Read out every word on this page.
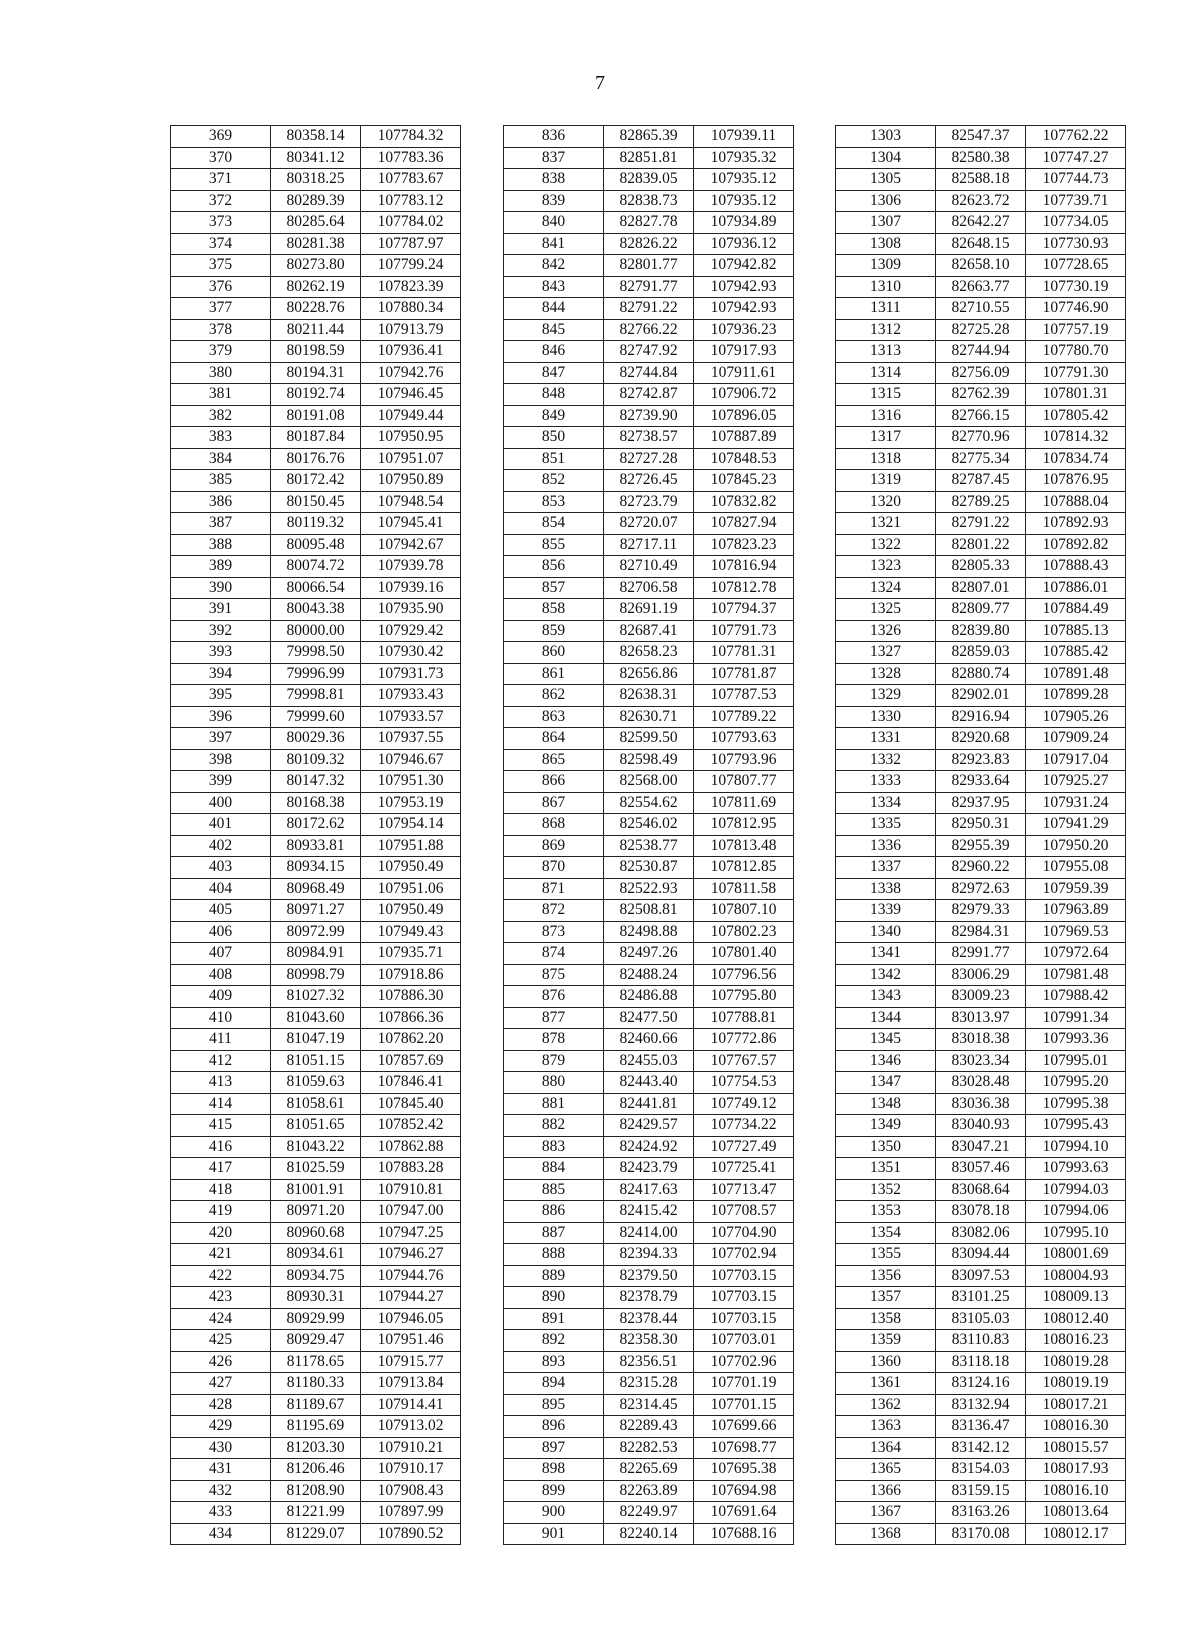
7
369	80358.14	107784.32
370	80341.12	107783.36
371	80318.25	107783.67
372	80289.39	107783.12
373	80285.64	107784.02
374	80281.38	107787.97
375	80273.80	107799.24
376	80262.19	107823.39
377	80228.76	107880.34
378	80211.44	107913.79
379	80198.59	107936.41
380	80194.31	107942.76
381	80192.74	107946.45
382	80191.08	107949.44
383	80187.84	107950.95
384	80176.76	107951.07
385	80172.42	107950.89
386	80150.45	107948.54
387	80119.32	107945.41
388	80095.48	107942.67
389	80074.72	107939.78
390	80066.54	107939.16
391	80043.38	107935.90
392	80000.00	107929.42
393	79998.50	107930.42
394	79996.99	107931.73
395	79998.81	107933.43
396	79999.60	107933.57
397	80029.36	107937.55
398	80109.32	107946.67
399	80147.32	107951.30
400	80168.38	107953.19
401	80172.62	107954.14
402	80933.81	107951.88
403	80934.15	107950.49
404	80968.49	107951.06
405	80971.27	107950.49
406	80972.99	107949.43
407	80984.91	107935.71
408	80998.79	107918.86
409	81027.32	107886.30
410	81043.60	107866.36
411	81047.19	107862.20
412	81051.15	107857.69
413	81059.63	107846.41
414	81058.61	107845.40
415	81051.65	107852.42
416	81043.22	107862.88
417	81025.59	107883.28
418	81001.91	107910.81
419	80971.20	107947.00
420	80960.68	107947.25
421	80934.61	107946.27
422	80934.75	107944.76
423	80930.31	107944.27
424	80929.99	107946.05
425	80929.47	107951.46
426	81178.65	107915.77
427	81180.33	107913.84
428	81189.67	107914.41
429	81195.69	107913.02
430	81203.30	107910.21
431	81206.46	107910.17
432	81208.90	107908.43
433	81221.99	107897.99
434	81229.07	107890.52
836	82865.39	107939.11
837	82851.81	107935.32
838	82839.05	107935.12
839	82838.73	107935.12
840	82827.78	107934.89
841	82826.22	107936.12
842	82801.77	107942.82
843	82791.77	107942.93
844	82791.22	107942.93
845	82766.22	107936.23
846	82747.92	107917.93
847	82744.84	107911.61
848	82742.87	107906.72
849	82739.90	107896.05
850	82738.57	107887.89
851	82727.28	107848.53
852	82726.45	107845.23
853	82723.79	107832.82
854	82720.07	107827.94
855	82717.11	107823.23
856	82710.49	107816.94
857	82706.58	107812.78
858	82691.19	107794.37
859	82687.41	107791.73
860	82658.23	107781.31
861	82656.86	107781.87
862	82638.31	107787.53
863	82630.71	107789.22
864	82599.50	107793.63
865	82598.49	107793.96
866	82568.00	107807.77
867	82554.62	107811.69
868	82546.02	107812.95
869	82538.77	107813.48
870	82530.87	107812.85
871	82522.93	107811.58
872	82508.81	107807.10
873	82498.88	107802.23
874	82497.26	107801.40
875	82488.24	107796.56
876	82486.88	107795.80
877	82477.50	107788.81
878	82460.66	107772.86
879	82455.03	107767.57
880	82443.40	107754.53
881	82441.81	107749.12
882	82429.57	107734.22
883	82424.92	107727.49
884	82423.79	107725.41
885	82417.63	107713.47
886	82415.42	107708.57
887	82414.00	107704.90
888	82394.33	107702.94
889	82379.50	107703.15
890	82378.79	107703.15
891	82378.44	107703.15
892	82358.30	107703.01
893	82356.51	107702.96
894	82315.28	107701.19
895	82314.45	107701.15
896	82289.43	107699.66
897	82282.53	107698.77
898	82265.69	107695.38
899	82263.89	107694.98
900	82249.97	107691.64
901	82240.14	107688.16
1303	82547.37	107762.22
1304	82580.38	107747.27
1305	82588.18	107744.73
1306	82623.72	107739.71
1307	82642.27	107734.05
1308	82648.15	107730.93
1309	82658.10	107728.65
1310	82663.77	107730.19
1311	82710.55	107746.90
1312	82725.28	107757.19
1313	82744.94	107780.70
1314	82756.09	107791.30
1315	82762.39	107801.31
1316	82766.15	107805.42
1317	82770.96	107814.32
1318	82775.34	107834.74
1319	82787.45	107876.95
1320	82789.25	107888.04
1321	82791.22	107892.93
1322	82801.22	107892.82
1323	82805.33	107888.43
1324	82807.01	107886.01
1325	82809.77	107884.49
1326	82839.80	107885.13
1327	82859.03	107885.42
1328	82880.74	107891.48
1329	82902.01	107899.28
1330	82916.94	107905.26
1331	82920.68	107909.24
1332	82923.83	107917.04
1333	82933.64	107925.27
1334	82937.95	107931.24
1335	82950.31	107941.29
1336	82955.39	107950.20
1337	82960.22	107955.08
1338	82972.63	107959.39
1339	82979.33	107963.89
1340	82984.31	107969.53
1341	82991.77	107972.64
1342	83006.29	107981.48
1343	83009.23	107988.42
1344	83013.97	107991.34
1345	83018.38	107993.36
1346	83023.34	107995.01
1347	83028.48	107995.20
1348	83036.38	107995.38
1349	83040.93	107995.43
1350	83047.21	107994.10
1351	83057.46	107993.63
1352	83068.64	107994.03
1353	83078.18	107994.06
1354	83082.06	107995.10
1355	83094.44	108001.69
1356	83097.53	108004.93
1357	83101.25	108009.13
1358	83105.03	108012.40
1359	83110.83	108016.23
1360	83118.18	108019.28
1361	83124.16	108019.19
1362	83132.94	108017.21
1363	83136.47	108016.30
1364	83142.12	108015.57
1365	83154.03	108017.93
1366	83159.15	108016.10
1367	83163.26	108013.64
1368	83170.08	108012.17
